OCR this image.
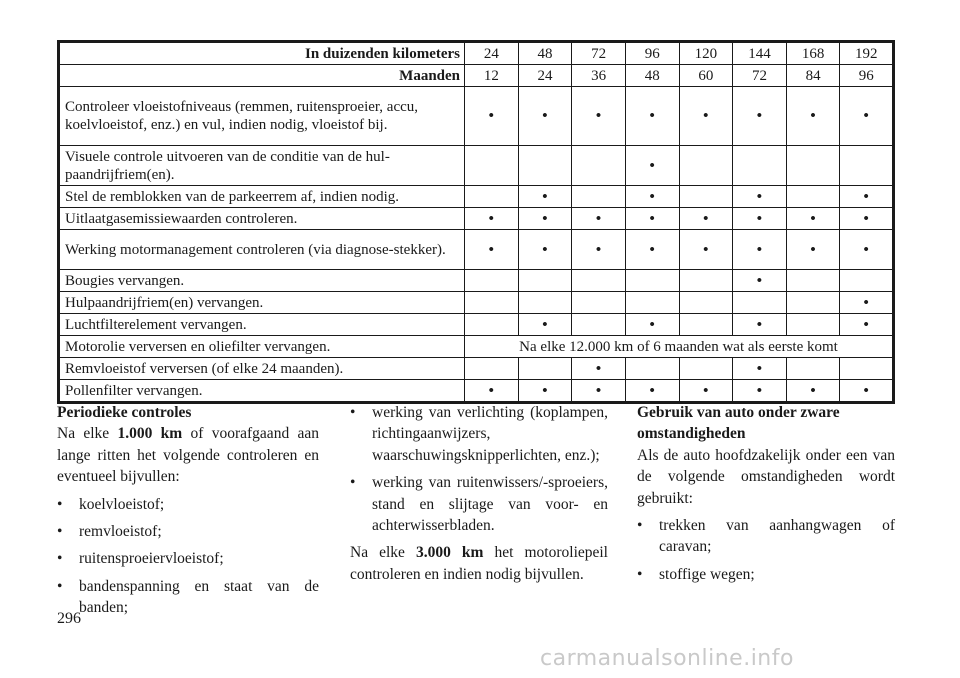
In duizenden kilometers	24	48	72	96	120	144	168	192
Maanden	12	24	36	48	60	72	84	96
Controleer vloeistofniveaus (remmen, ruitensproeier, accu, koelvloeistof, enz.) en vul, indien nodig, vloeistof bij.	•	•	•	•	•	•	•	•
Visuele controle uitvoeren van de conditie van de hul-paandrijfriem(en).				•				
Stel de remblokken van de parkeerrem af, indien nodig.		•		•		•		•
Uitlaatgasemissiewaarden controleren.	•	•	•	•	•	•	•	•
Werking motormanagement controleren (via diagnose-stekker).	•	•	•	•	•	•	•	•
Bougies vervangen.						•		
Hulpaandrijfriem(en) vervangen.								•
Luchtfilterelement vervangen.		•		•		•		•
Motorolie verversen en oliefilter vervangen.	Na elke 12.000 km of 6 maanden wat als eerste komt							
Remvloeistof verversen (of elke 24 maanden).			•			•		
Pollenfilter vervangen.	•	•	•	•	•	•	•	•

Periodieke controles

Na elke 1.000 km of voorafgaand aan lange ritten het volgende controleren en eventueel bijvullen:

• koelvloeistof;
• remvloeistof;
• ruitensproeiervloeistof;
• bandenspanning en staat van de banden;
• werking van verlichting (koplampen, richtingaanwijzers, waarschuwingsknipperlichten, enz.);
• werking van ruitenwissers/-sproeiers, stand en slijtage van voor- en achterwisserbladen.

Na elke 3.000 km het motoroliepeil controleren en indien nodig bijvullen.

Gebruik van auto onder zware omstandigheden

Als de auto hoofdzakelijk onder een van de volgende omstandigheden wordt gebruikt:

• trekken van aanhangwagen of caravan;
• stoffige wegen;
296
carmanualsonline.info
